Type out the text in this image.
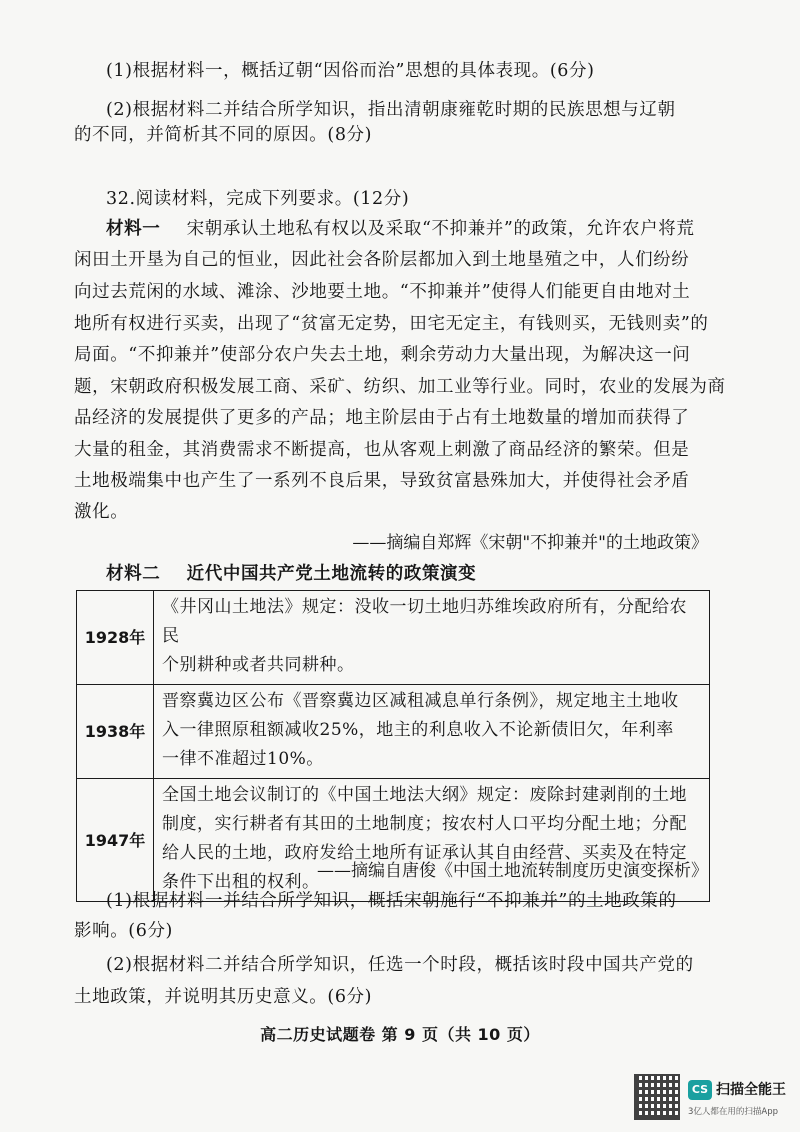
(1)根据材料一，概括辽朝“因俗而治”思想的具体表现。(6分)
(2)根据材料二并结合所学知识，指出清朝康雍乾时期的民族思想与辽朝
的不同，并简析其不同的原因。(8分)
32.阅读材料，完成下列要求。(12分)
材料一 宋朝承认土地私有权以及采取“不抑兼并”的政策，允许农户将荒
闲田土开垦为自己的恒业，因此社会各阶层都加入到土地垦殖之中，人们纷纷
向过去荒闲的水域、滩涂、沙地要土地。“不抑兼并”使得人们能更自由地对土
地所有权进行买卖，出现了“贫富无定势，田宅无定主，有钱则买，无钱则卖”的
局面。“不抑兼并”使部分农户失去土地，剩余劳动力大量出现，为解决这一问
题，宋朝政府积极发展工商、采矿、纺织、加工业等行业。同时，农业的发展为商
品经济的发展提供了更多的产品；地主阶层由于占有土地数量的增加而获得了
大量的租金，其消费需求不断提高，也从客观上刺激了商品经济的繁荣。但是
土地极端集中也产生了一系列不良后果，导致贫富悬殊加大，并使得社会矛盾
激化。
——摘编自郑辉《宋朝"不抑兼并"的土地政策》
材料二 近代中国共产党土地流转的政策演变
1928年	《井冈山土地法》规定：没收一切土地归苏维埃政府所有，分配给农民
个别耕种或者共同耕种。

1938年	晋察冀边区公布《晋察冀边区减租减息单行条例》，规定地主土地收
入一律照原租额减收25%，地主的利息收入不论新债旧欠，年利率
一律不准超过10%。

1947年	全国土地会议制订的《中国土地法大纲》规定：废除封建剥削的土地
制度，实行耕者有其田的土地制度；按农村人口平均分配土地；分配
给人民的土地，政府发给土地所有证承认其自由经营、买卖及在特定
条件下出租的权利。
——摘编自唐俊《中国土地流转制度历史演变探析》
(1)根据材料一并结合所学知识，概括宋朝施行“不抑兼并”的土地政策的
影响。(6分)
(2)根据材料二并结合所学知识，任选一个时段，概括该时段中国共产党的
土地政策，并说明其历史意义。(6分)
高二历史试题卷 第 9 页（共 10 页）
CS 扫描全能王
3亿人都在用的扫描App
